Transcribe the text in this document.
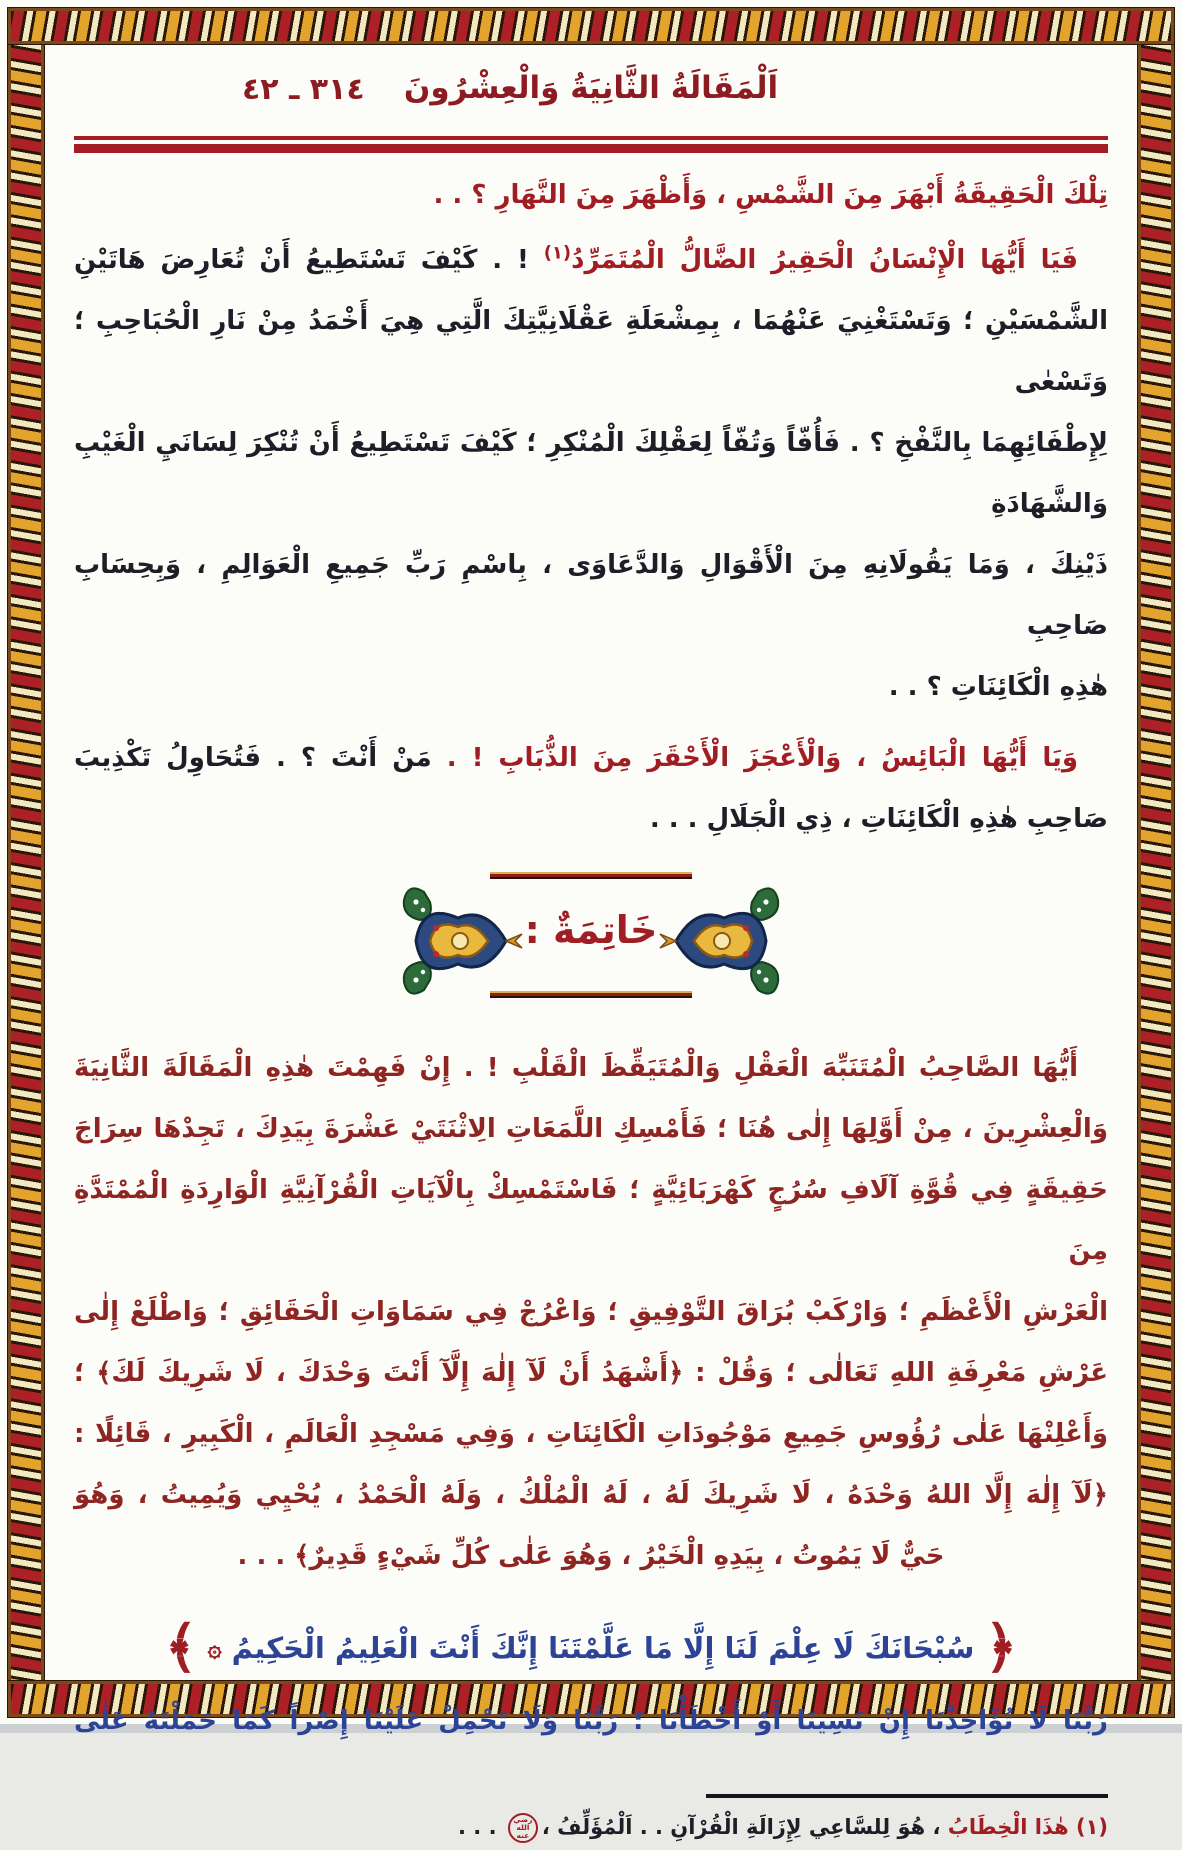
اَلْمَقَالَةُ الثَّانِيَةُ وَالْعِشْرُونَ
٣١٤ ـ ٤٢
تِلْكَ الْحَقِيقَةُ أَبْهَرَ مِنَ الشَّمْسِ ، وَأَظْهَرَ مِنَ النَّهَارِ ؟ . .
فَيَا أَيُّهَا الْإِنْسَانُ الْحَقِيرُ الضَّالُّ الْمُتَمَرِّدُ$^{(١)}$ ! . كَيْفَ تَسْتَطِيعُ أَنْ تُعَارِضَ هَاتَيْنِ
الشَّمْسَيْنِ ؛ وَتَسْتَغْنِيَ عَنْهُمَا ، بِمِشْعَلَةِ عَقْلَانِيَّتِكَ الَّتِي هِيَ أَخْمَدُ مِنْ نَارِ الْحُبَاحِبِ ؛ وَتَسْعٰى
لِإِطْفَائِهِمَا بِالنَّفْخِ ؟ . فَأُفّاً وَتُفّاً لِعَقْلِكَ الْمُنْكِرِ ؛ كَيْفَ تَسْتَطِيعُ أَنْ تُنْكِرَ لِسَانَيِ الْغَيْبِ وَالشَّهَادَةِ
ذَيْنِكَ ، وَمَا يَقُولَانِهِ مِنَ الْأَقْوَالِ وَالدَّعَاوَى ، بِاسْمِ رَبِّ جَمِيعِ الْعَوَالِمِ ، وَبِحِسَابِ صَاحِبِ
هٰذِهِ الْكَائِنَاتِ ؟ . .
وَيَا أَيُّهَا الْبَائِسُ ، وَالْأَعْجَزَ الْأَحْقَرَ مِنَ الذُّبَابِ ! . مَنْ أَنْتَ ؟ . فَتُحَاوِلُ تَكْذِيبَ
صَاحِبِ هٰذِهِ الْكَائِنَاتِ ، ذِي الْجَلَالِ . . .
خَاتِمَةٌ :
أَيُّهَا الصَّاحِبُ الْمُتَنَبِّهَ الْعَقْلِ وَالْمُتَيَقِّظَ الْقَلْبِ ! . إِنْ فَهِمْتَ هٰذِهِ الْمَقَالَةَ الثَّانِيَةَ
وَالْعِشْرِينَ ، مِنْ أَوَّلِهَا إِلٰى هُنَا ؛ فَأَمْسِكِ اللَّمَعَاتِ الِاثْنَتَيْ عَشْرَةَ بِيَدِكَ ، تَجِدْهَا سِرَاجَ
حَقِيقَةٍ فِي قُوَّةِ آلَافِ سُرُجٍ كَهْرَبَائِيَّةٍ ؛ فَاسْتَمْسِكْ بِالْآيَاتِ الْقُرْآنِيَّةِ الْوَارِدَةِ الْمُمْتَدَّةِ مِنَ
الْعَرْشِ الْأَعْظَمِ ؛ وَارْكَبْ بُرَاقَ التَّوْفِيقِ ؛ وَاعْرُجْ فِي سَمَاوَاتِ الْحَقَائِقِ ؛ وَاطْلَعْ إِلٰى
عَرْشِ مَعْرِفَةِ اللهِ تَعَالٰى ؛ وَقُلْ : ﴿أَشْهَدُ أَنْ لَآ إِلٰهَ إِلَّآ أَنْتَ وَحْدَكَ ، لَا شَرِيكَ لَكَ﴾ ؛
وَأَعْلِنْهَا عَلٰى رُؤُوسِ جَمِيعِ مَوْجُودَاتِ الْكَائِنَاتِ ، وَفِي مَسْجِدِ الْعَالَمِ ، الْكَبِيرِ ، قَائِلًا :
﴿لَآ إِلٰهَ إِلَّا اللهُ وَحْدَهُ ، لَا شَرِيكَ لَهُ ، لَهُ الْمُلْكُ ، وَلَهُ الْحَمْدُ ، يُحْيِي وَيُمِيتُ ، وَهُوَ
حَيٌّ لَا يَمُوتُ ، بِيَدِهِ الْخَيْرُ ، وَهُوَ عَلٰى كُلِّ شَيْءٍ قَدِيرٌ﴾ . . .
﴿
سُبْحَانَكَ لَا عِلْمَ لَنَا إِلَّا مَا عَلَّمْتَنَا إِنَّكَ أَنْتَ الْعَلِيمُ الْحَكِيمُ
۞
﴾
رَبَّنَا لَا تُؤَاخِذْنَا إِنْ نَسِينَا أَوْ أَخْطَأْنَا ؛ رَبَّنَا وَلَا تَحْمِلْ عَلَيْنَا إِصْراً كَمَا حَمَلْتَهُ عَلٰى
(١) هٰذَا الْخِطَابُ ، هُوَ لِلسَّاعِي لِإِزَالَةِ الْقُرْآنِ . . اَلْمُؤَلِّفُ ،رضي الله عنه . . .
